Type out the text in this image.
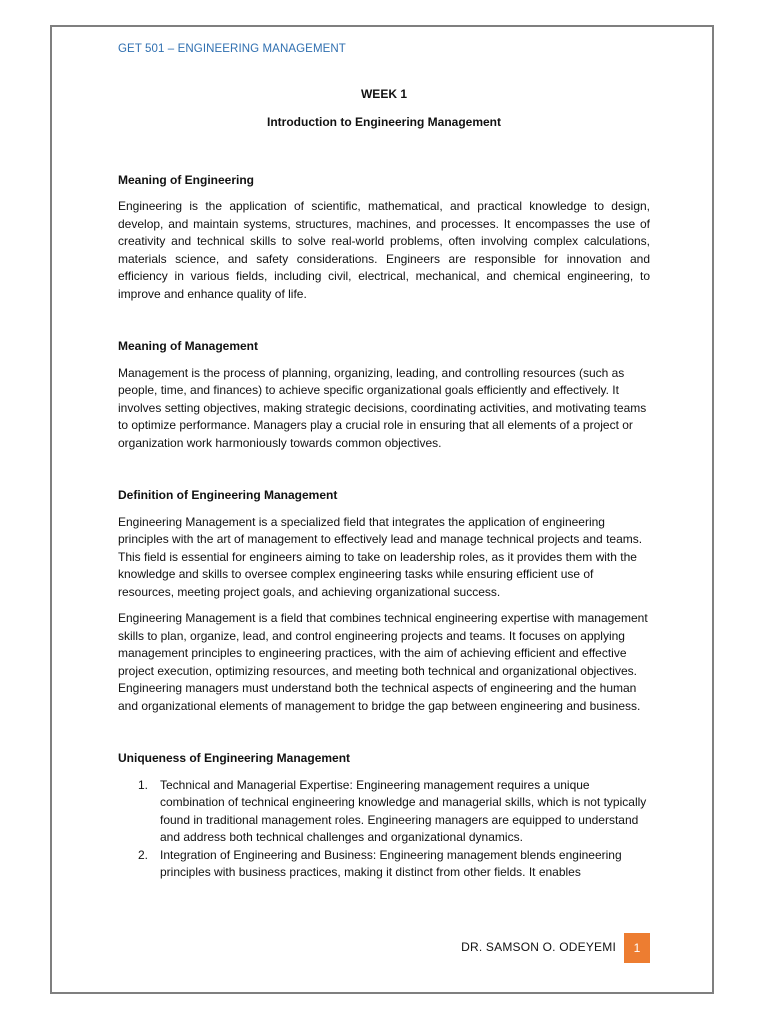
GET 501 – ENGINEERING MANAGEMENT

WEEK 1

Introduction to Engineering Management

Meaning of Engineering

Engineering is the application of scientific, mathematical, and practical knowledge to design, develop, and maintain systems, structures, machines, and processes. It encompasses the use of creativity and technical skills to solve real-world problems, often involving complex calculations, materials science, and safety considerations. Engineers are responsible for innovation and efficiency in various fields, including civil, electrical, mechanical, and chemical engineering, to improve and enhance quality of life.

Meaning of Management

Management is the process of planning, organizing, leading, and controlling resources (such as people, time, and finances) to achieve specific organizational goals efficiently and effectively. It involves setting objectives, making strategic decisions, coordinating activities, and motivating teams to optimize performance. Managers play a crucial role in ensuring that all elements of a project or organization work harmoniously towards common objectives.

Definition of Engineering Management

Engineering Management is a specialized field that integrates the application of engineering principles with the art of management to effectively lead and manage technical projects and teams. This field is essential for engineers aiming to take on leadership roles, as it provides them with the knowledge and skills to oversee complex engineering tasks while ensuring efficient use of resources, meeting project goals, and achieving organizational success.

Engineering Management is a field that combines technical engineering expertise with management skills to plan, organize, lead, and control engineering projects and teams. It focuses on applying management principles to engineering practices, with the aim of achieving efficient and effective project execution, optimizing resources, and meeting both technical and organizational objectives. Engineering managers must understand both the technical aspects of engineering and the human and organizational elements of management to bridge the gap between engineering and business.

Uniqueness of Engineering Management

1. Technical and Managerial Expertise: Engineering management requires a unique combination of technical engineering knowledge and managerial skills, which is not typically found in traditional management roles. Engineering managers are equipped to understand and address both technical challenges and organizational dynamics.
2. Integration of Engineering and Business: Engineering management blends engineering principles with business practices, making it distinct from other fields. It enables
DR. SAMSON O. ODEYEMI	1
